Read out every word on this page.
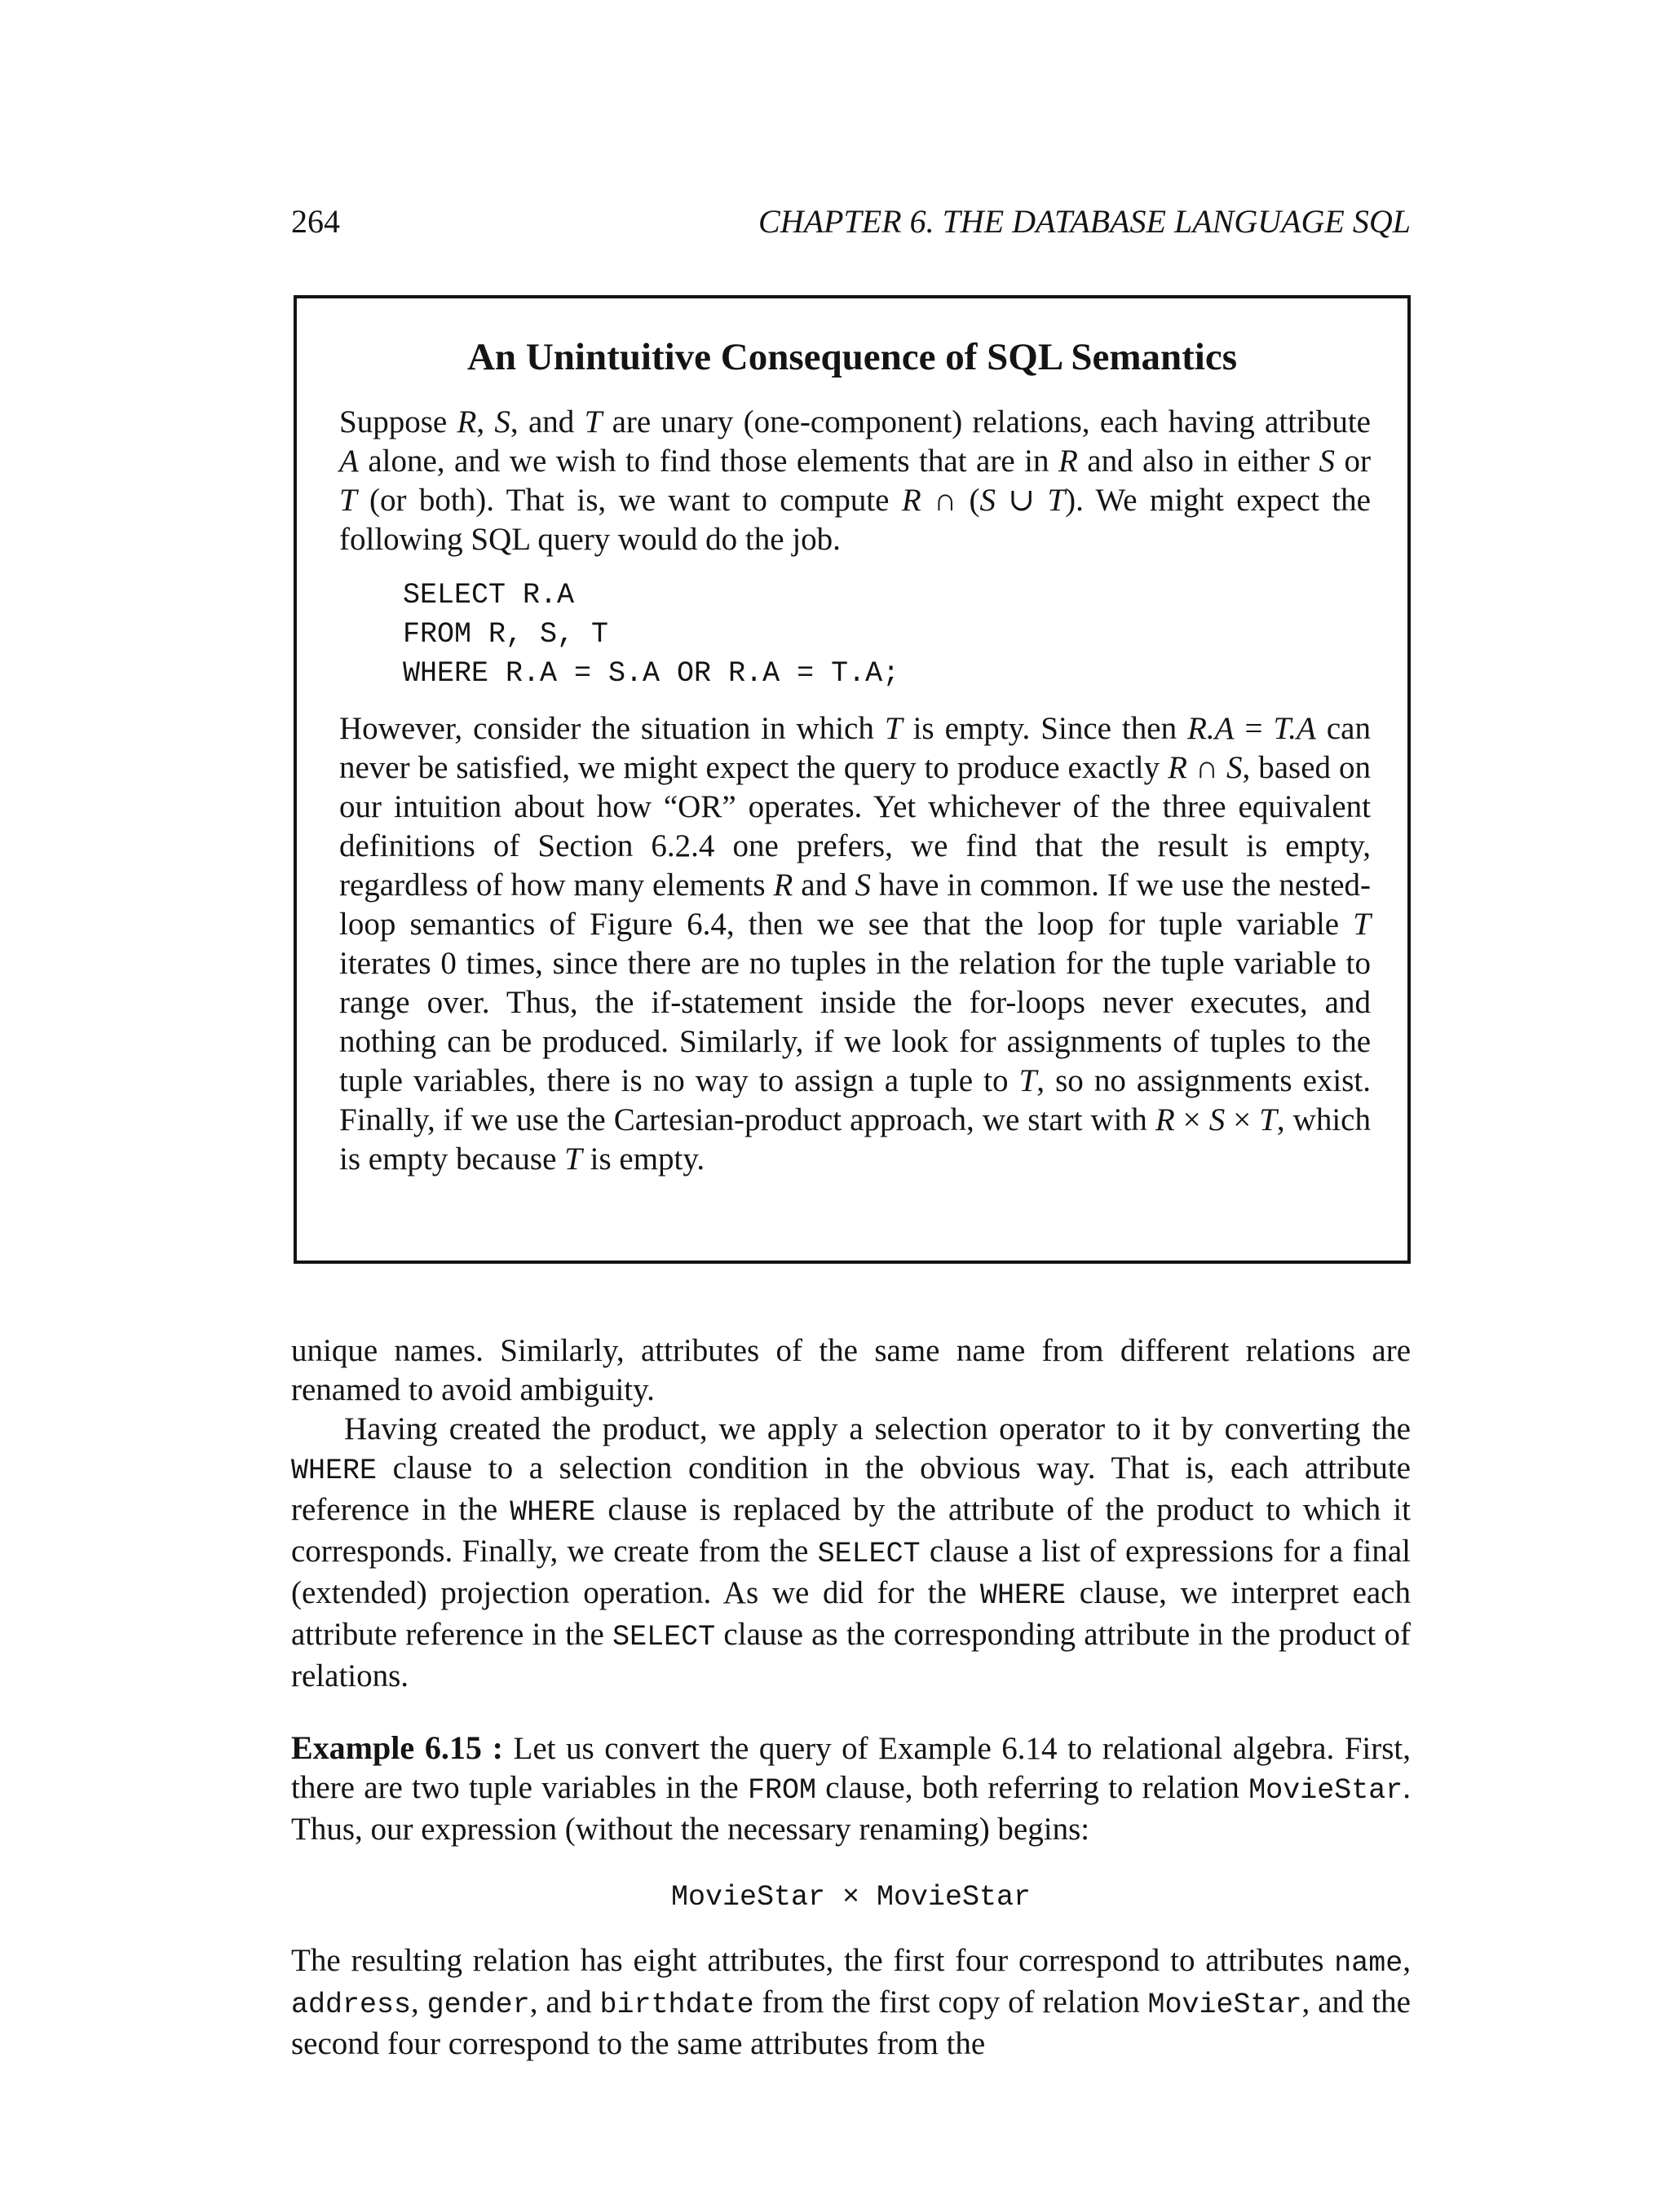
264	CHAPTER 6. THE DATABASE LANGUAGE SQL
An Unintuitive Consequence of SQL Semantics

Suppose R, S, and T are unary (one-component) relations, each having attribute A alone, and we wish to find those elements that are in R and also in either S or T (or both). That is, we want to compute R ∩ (S ∪ T). We might expect the following SQL query would do the job.

SELECT R.A
FROM R, S, T
WHERE R.A = S.A OR R.A = T.A;

However, consider the situation in which T is empty. Since then R.A = T.A can never be satisfied, we might expect the query to produce exactly R ∩ S, based on our intuition about how “OR” operates. Yet whichever of the three equivalent definitions of Section 6.2.4 one prefers, we find that the result is empty, regardless of how many elements R and S have in common. If we use the nested-loop semantics of Figure 6.4, then we see that the loop for tuple variable T iterates 0 times, since there are no tuples in the relation for the tuple variable to range over. Thus, the if-statement inside the for-loops never executes, and nothing can be produced. Similarly, if we look for assignments of tuples to the tuple variables, there is no way to assign a tuple to T, so no assignments exist. Finally, if we use the Cartesian-product approach, we start with R × S × T, which is empty because T is empty.

unique names. Similarly, attributes of the same name from different relations are renamed to avoid ambiguity.

Having created the product, we apply a selection operator to it by converting the WHERE clause to a selection condition in the obvious way. That is, each attribute reference in the WHERE clause is replaced by the attribute of the product to which it corresponds. Finally, we create from the SELECT clause a list of expressions for a final (extended) projection operation. As we did for the WHERE clause, we interpret each attribute reference in the SELECT clause as the corresponding attribute in the product of relations.

Example 6.15 : Let us convert the query of Example 6.14 to relational algebra. First, there are two tuple variables in the FROM clause, both referring to relation MovieStar. Thus, our expression (without the necessary renaming) begins:

MovieStar × MovieStar

The resulting relation has eight attributes, the first four correspond to attributes name, address, gender, and birthdate from the first copy of relation MovieStar, and the second four correspond to the same attributes from the
